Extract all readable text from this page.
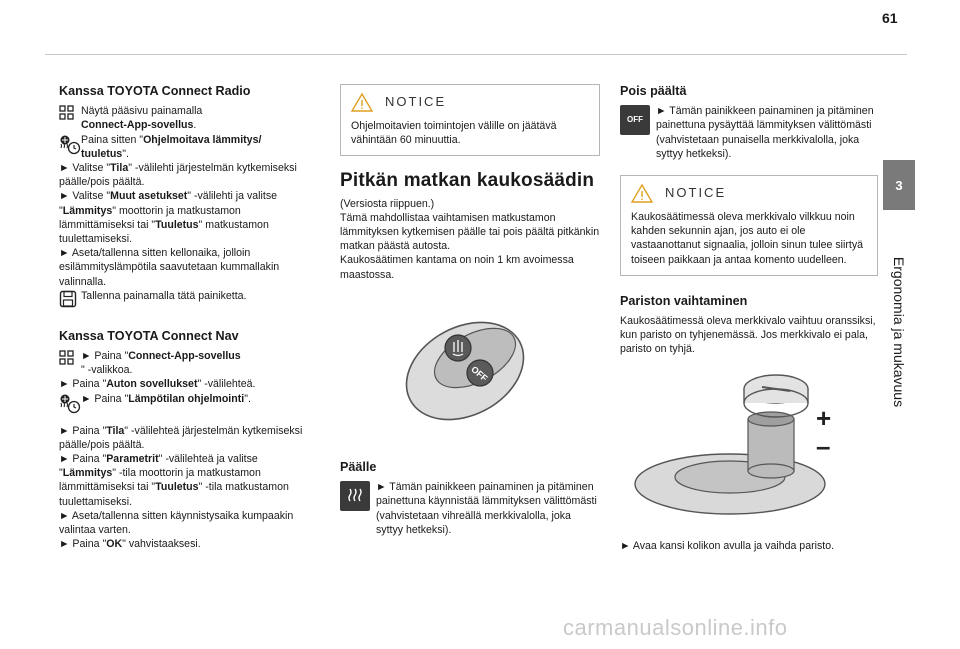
61
3
Ergonomia ja mukavuus
Kanssa TOYOTA Connect Radio

Näytä pääsivu painamalla
Connect-App-sovellus.

Paina sitten "Ohjelmoitava lämmitys/
tuuletus".

► Valitse "Tila" -välilehti järjestelmän kytkemiseksi päälle/pois päältä.

► Valitse "Muut asetukset" -välilehti ja valitse "Lämmitys" moottorin ja matkustamon lämmittämiseksi tai "Tuuletus" matkustamon tuulettamiseksi.

► Aseta/tallenna sitten kellonaika, jolloin esilämmityslämpötila saavutetaan kummallakin valinnalla.

Tallenna painamalla tätä painiketta.

Kanssa TOYOTA Connect Nav

► Paina "Connect-App-sovellus
" -valikkoa.

► Paina "Auton sovellukset" -välilehteä.

► Paina "Lämpötilan ohjelmointi".

► Paina "Tila" -välilehteä järjestelmän kytkemiseksi päälle/pois päältä.

► Paina "Parametrit" -välilehteä ja valitse "Lämmitys" -tila moottorin ja matkustamon lämmittämiseksi tai "Tuuletus" -tila matkustamon tuulettamiseksi.

► Aseta/tallenna sitten käynnistysaika kumpaakin valintaa varten.

► Paina "OK" vahvistaaksesi.

NOTICE

Ohjelmoitavien toimintojen välille on jäätävä vähintään 60 minuuttia.

Pitkän matkan kaukosäädin

(Versiosta riippuen.)

Tämä mahdollistaa vaihtamisen matkustamon lämmityksen kytkemisen päälle tai pois päältä pitkänkin matkan päästä autosta.

Kaukosäätimen kantama on noin 1 km avoimessa maastossa.

OFF
Päälle

► Tämän painikkeen painaminen ja pitäminen painettuna käynnistää lämmityksen välittömästi (vahvistetaan vihreällä merkkivalolla, joka syttyy hetkeksi).

Pois päältä
OFF

► Tämän painikkeen painaminen ja pitäminen painettuna pysäyttää lämmityksen välittömästi (vahvistetaan punaisella merkkivalolla, joka syttyy hetkeksi).

NOTICE

Kaukosäätimessä oleva merkkivalo vilkkuu noin kahden sekunnin ajan, jos auto ei ole vastaanottanut signaalia, jolloin sinun tulee siirtyä toiseen paikkaan ja antaa komento uudelleen.

Pariston vaihtaminen

Kaukosäätimessä oleva merkkivalo vaihtuu oranssiksi, kun paristo on tyhjenemässä. Jos merkkivalo ei pala, paristo on tyhjä.

+
–

► Avaa kansi kolikon avulla ja vaihda paristo.

carmanualsonline.info
